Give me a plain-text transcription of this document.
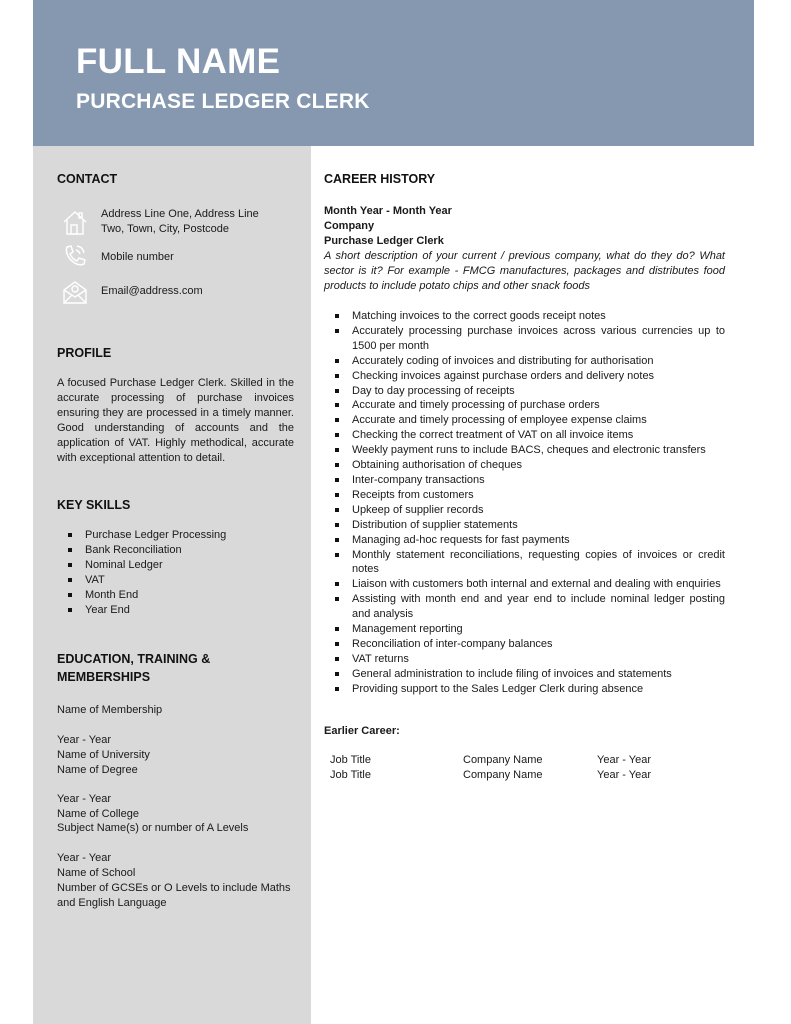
FULL NAME
PURCHASE LEDGER CLERK
CONTACT
Address Line One, Address Line
Two, Town, City, Postcode
Mobile number
Email@address.com
PROFILE
A focused Purchase Ledger Clerk. Skilled in the accurate processing of purchase invoices ensuring they are processed in a timely manner. Good understanding of accounts and the application of VAT. Highly methodical, accurate with exceptional attention to detail.
KEY SKILLS
Purchase Ledger Processing
Bank Reconciliation
Nominal Ledger
VAT
Month End
Year End
EDUCATION, TRAINING &
MEMBERSHIPS
Name of Membership
Year - Year
Name of University
Name of Degree
Year - Year
Name of College
Subject Name(s) or number of A Levels
Year - Year
Name of School
Number of GCSEs or O Levels to include Maths and English Language
CAREER HISTORY
Month Year - Month Year
Company
Purchase Ledger Clerk
A short description of your current / previous company, what do they do? What sector is it? For example - FMCG manufactures, packages and distributes food products to include potato chips and other snack foods
Matching invoices to the correct goods receipt notes
Accurately processing purchase invoices across various currencies up to 1500 per month
Accurately coding of invoices and distributing for authorisation
Checking invoices against purchase orders and delivery notes
Day to day processing of receipts
Accurate and timely processing of purchase orders
Accurate and timely processing of employee expense claims
Checking the correct treatment of VAT on all invoice items
Weekly payment runs to include BACS, cheques and electronic transfers
Obtaining authorisation of cheques
Inter-company transactions
Receipts from customers
Upkeep of supplier records
Distribution of supplier statements
Managing ad-hoc requests for fast payments
Monthly statement reconciliations, requesting copies of invoices or credit notes
Liaison with customers both internal and external and dealing with enquiries
Assisting with month end and year end to include nominal ledger posting and analysis
Management reporting
Reconciliation of inter-company balances
VAT returns
General administration to include filing of invoices and statements
Providing support to the Sales Ledger Clerk during absence
Earlier Career:
Job Title	Company Name	Year - Year
Job Title	Company Name	Year - Year
